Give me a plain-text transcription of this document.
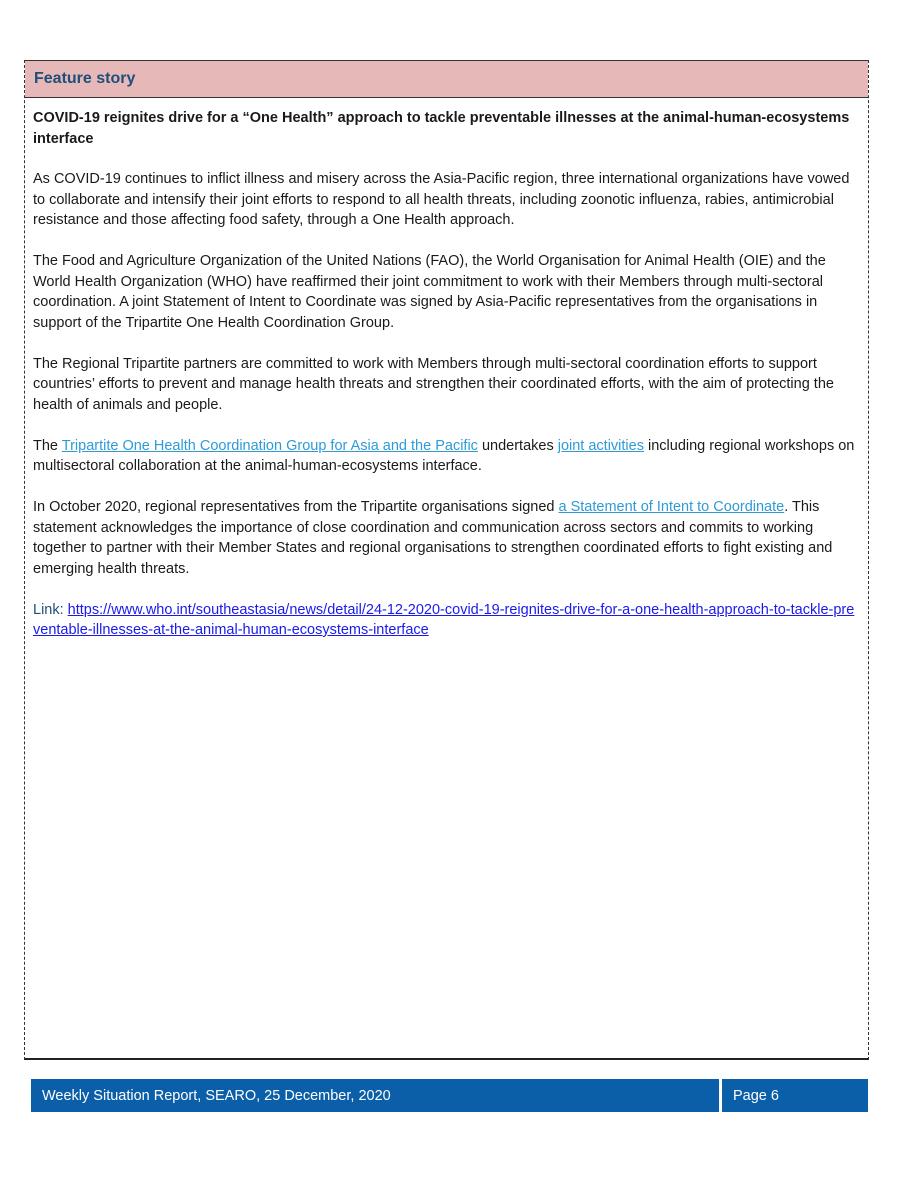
Feature story

COVID-19 reignites drive for a “One Health” approach to tackle preventable illnesses at the animal-human-ecosystems interface

As COVID-19 continues to inflict illness and misery across the Asia-Pacific region, three international organizations have vowed to collaborate and intensify their joint efforts to respond to all health threats, including zoonotic influenza, rabies, antimicrobial resistance and those affecting food safety, through a One Health approach.

The Food and Agriculture Organization of the United Nations (FAO), the World Organisation for Animal Health (OIE) and the World Health Organization (WHO) have reaffirmed their joint commitment to work with their Members through multi-sectoral coordination. A joint Statement of Intent to Coordinate was signed by Asia-Pacific representatives from the organisations in support of the Tripartite One Health Coordination Group.

The Regional Tripartite partners are committed to work with Members through multi-sectoral coordination efforts to support countries’ efforts to prevent and manage health threats and strengthen their coordinated efforts, with the aim of protecting the health of animals and people.

The Tripartite One Health Coordination Group for Asia and the Pacific undertakes joint activities including regional workshops on multisectoral collaboration at the animal-human-ecosystems interface.

In October 2020, regional representatives from the Tripartite organisations signed a Statement of Intent to Coordinate. This statement acknowledges the importance of close coordination and communication across sectors and commits to working together to partner with their Member States and regional organisations to strengthen coordinated efforts to fight existing and emerging health threats.

Link: https://www.who.int/southeastasia/news/detail/24-12-2020-covid-19-reignites-drive-for-a-one-health-approach-to-tackle-preventable-illnesses-at-the-animal-human-ecosystems-interface

Weekly Situation Report, SEARO, 25 December, 2020	Page 6
